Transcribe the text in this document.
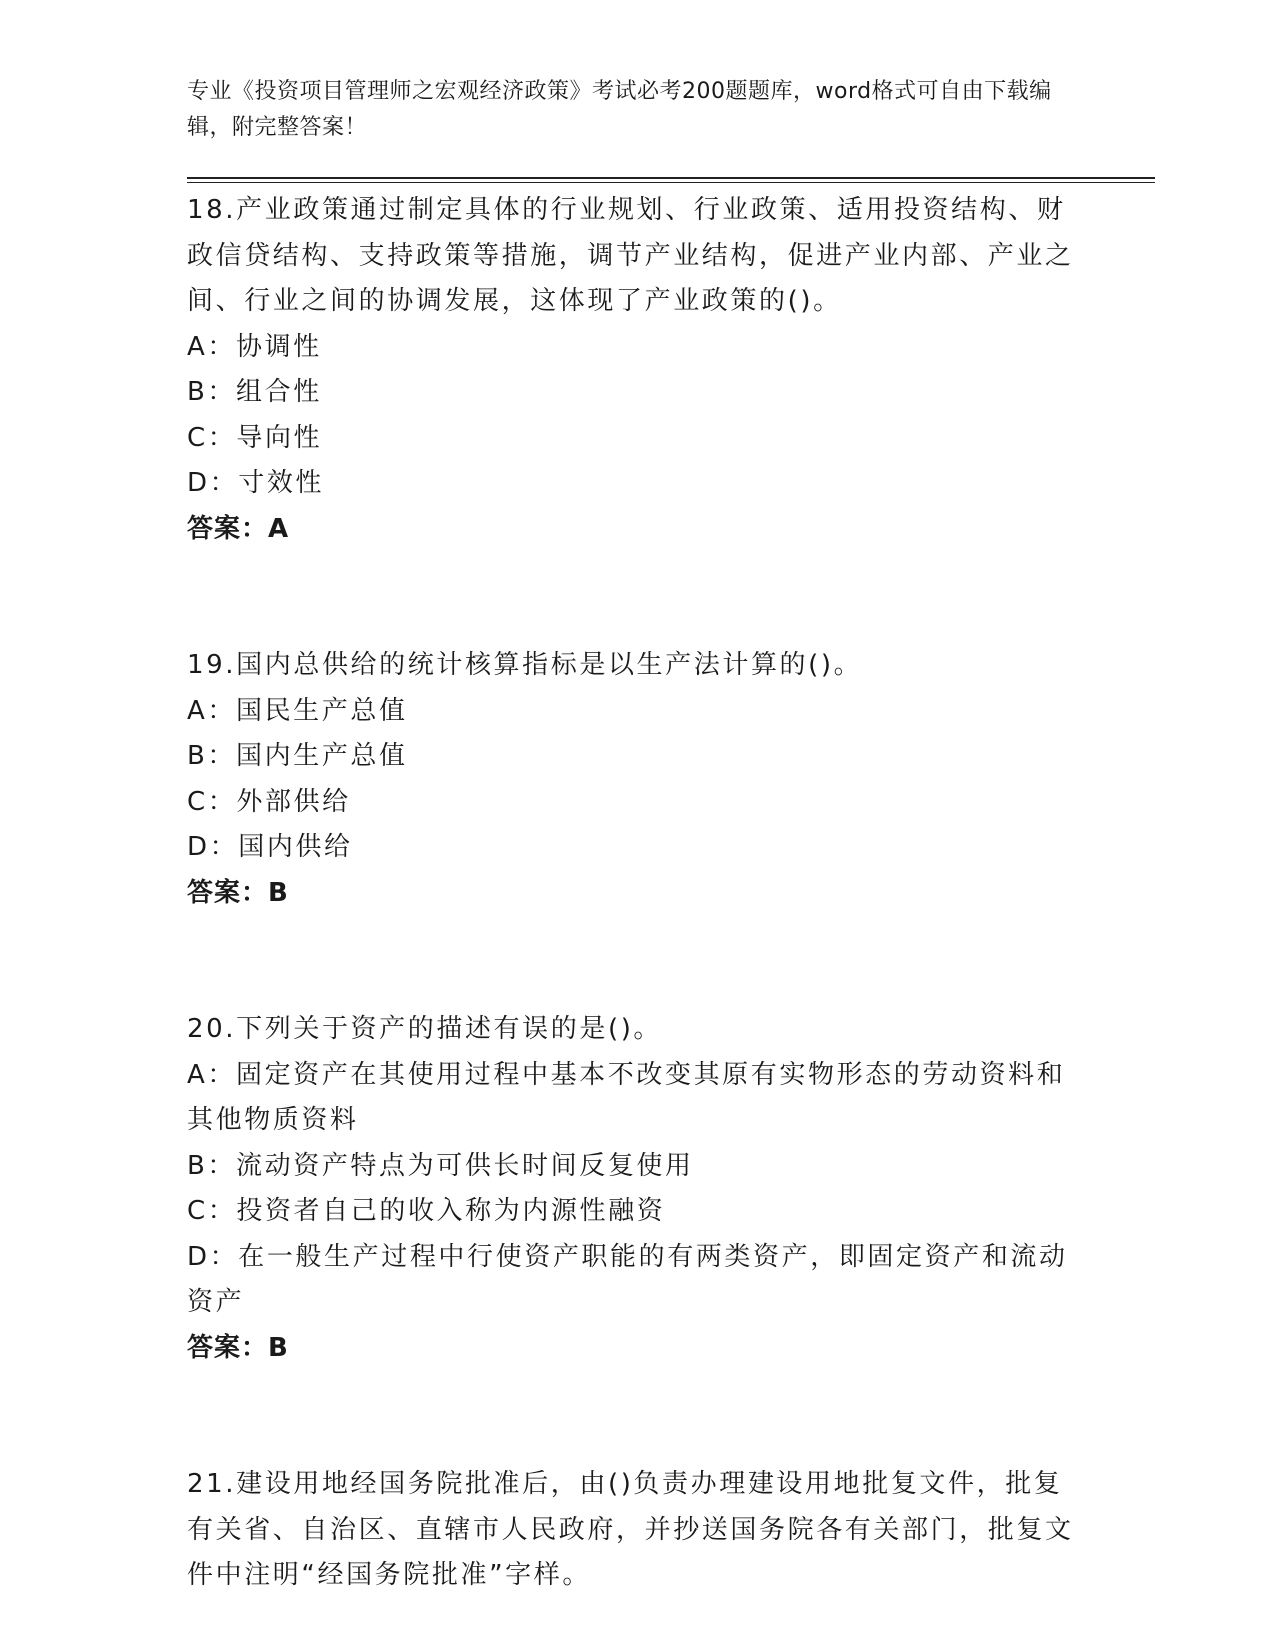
专业《投资项目管理师之宏观经济政策》考试必考200题题库，word格式可自由下载编辑，附完整答案！
18.产业政策通过制定具体的行业规划、行业政策、适用投资结构、财政信贷结构、支持政策等措施，调节产业结构，促进产业内部、产业之间、行业之间的协调发展，这体现了产业政策的()。
A：协调性
B：组合性
C：导向性
D：寸效性
答案：A
19.国内总供给的统计核算指标是以生产法计算的()。
A：国民生产总值
B：国内生产总值
C：外部供给
D：国内供给
答案：B
20.下列关于资产的描述有误的是()。
A：固定资产在其使用过程中基本不改变其原有实物形态的劳动资料和其他物质资料
B：流动资产特点为可供长时间反复使用
C：投资者自己的收入称为内源性融资
D：在一般生产过程中行使资产职能的有两类资产，即固定资产和流动资产
答案：B
21.建设用地经国务院批准后，由()负责办理建设用地批复文件，批复有关省、自治区、直辖市人民政府，并抄送国务院各有关部门，批复文件中注明“经国务院批准”字样。
